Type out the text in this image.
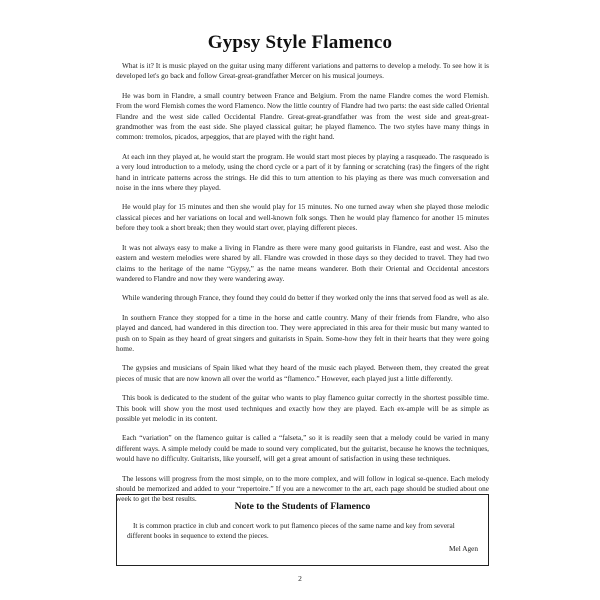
Gypsy Style Flamenco

What is it? It is music played on the guitar using many different variations and patterns to develop a melody. To see how it is developed let's go back and follow Great-great-grandfather Mercer on his musical journeys.

He was born in Flandre, a small country between France and Belgium. From the name Flandre comes the word Flemish. From the word Flemish comes the word Flamenco. Now the little country of Flandre had two parts: the east side called Oriental Flandre and the west side called Occidental Flandre. Great-great-grandfather was from the west side and great-great-grandmother was from the east side. She played classical guitar; he played flamenco. The two styles have many things in common: tremolos, picados, arpeggios, that are played with the right hand.

At each inn they played at, he would start the program. He would start most pieces by playing a rasqueado. The rasqueado is a very loud introduction to a melody, using the chord cycle or a part of it by fanning or scratching (ras) the fingers of the right hand in intricate patterns across the strings. He did this to turn attention to his playing as there was much conversation and noise in the inns where they played.

He would play for 15 minutes and then she would play for 15 minutes. No one turned away when she played those melodic classical pieces and her variations on local and well-known folk songs. Then he would play flamenco for another 15 minutes before they took a short break; then they would start over, playing different pieces.

It was not always easy to make a living in Flandre as there were many good guitarists in Flandre, east and west. Also the eastern and western melodies were shared by all. Flandre was crowded in those days so they decided to travel. They had two claims to the heritage of the name “Gypsy,” as the name means wanderer. Both their Oriental and Occidental ancestors wandered to Flandre and now they were wandering away.

While wandering through France, they found they could do better if they worked only the inns that served food as well as ale.

In southern France they stopped for a time in the horse and cattle country. Many of their friends from Flandre, who also played and danced, had wandered in this direction too. They were appreciated in this area for their music but many wanted to push on to Spain as they heard of great singers and guitarists in Spain. Some-how they felt in their hearts that they were going home.

The gypsies and musicians of Spain liked what they heard of the music each played. Between them, they created the great pieces of music that are now known all over the world as “flamenco.” However, each played just a little differently.

This book is dedicated to the student of the guitar who wants to play flamenco guitar correctly in the shortest possible time. This book will show you the most used techniques and exactly how they are played. Each ex-ample will be as simple as possible yet melodic in its content.

Each “variation” on the flamenco guitar is called a “falseta,” so it is readily seen that a melody could be varied in many different ways. A simple melody could be made to sound very complicated, but the guitarist, because he knows the techniques, would have no difficulty. Guitarists, like yourself, will get a great amount of satisfaction in using these techniques.

The lessons will progress from the most simple, on to the more complex, and will follow in logical se-quence. Each melody should be memorized and added to your “repertoire.” If you are a newcomer to the art, each page should be studied about one week to get the best results.

Note to the Students of Flamenco

It is common practice in club and concert work to put flamenco pieces of the same name and key from several different books in sequence to extend the pieces.

Mel Agen

2
